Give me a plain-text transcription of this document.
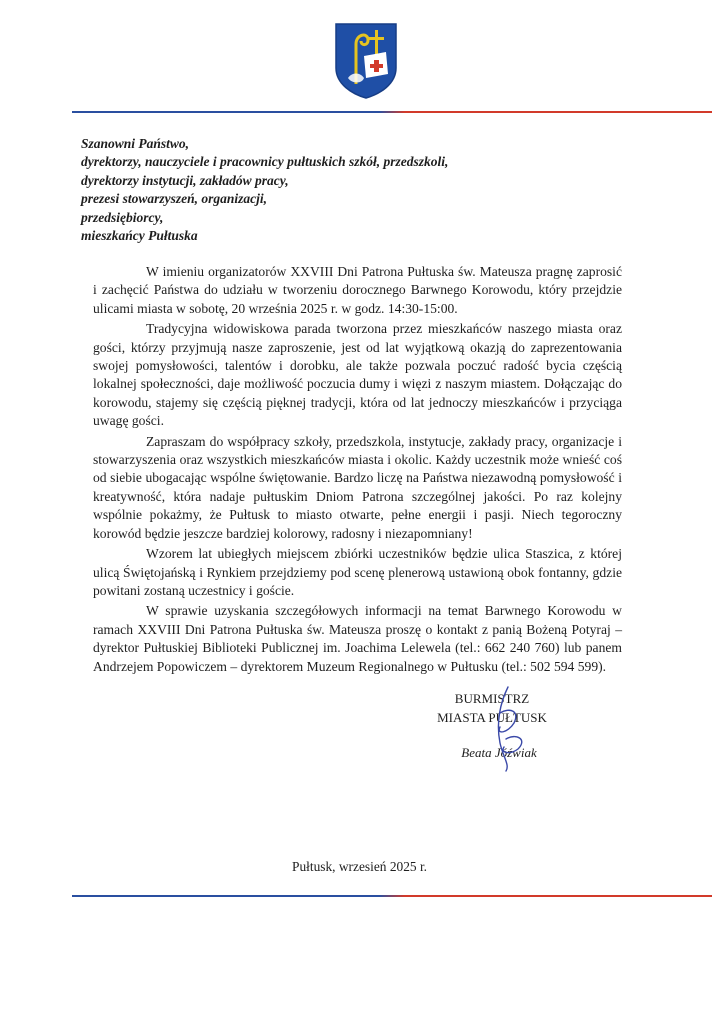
Szanowni Państwo,
dyrektorzy, nauczyciele i pracownicy pułtuskich szkół, przedszkoli,
dyrektorzy instytucji, zakładów pracy,
prezesi stowarzyszeń, organizacji,
przedsiębiorcy,
mieszkańcy Pułtuska

W imieniu organizatorów XXVIII Dni Patrona Pułtuska św. Mateusza pragnę zaprosić i zachęcić Państwa do udziału w tworzeniu dorocznego Barwnego Korowodu, który przejdzie ulicami miasta w sobotę, 20 września 2025 r. w godz. 14:30-15:00.

Tradycyjna widowiskowa parada tworzona przez mieszkańców naszego miasta oraz gości, którzy przyjmują nasze zaproszenie, jest od lat wyjątkową okazją do zaprezentowania swojej pomysłowości, talentów i dorobku, ale także pozwala poczuć radość bycia częścią lokalnej społeczności, daje możliwość poczucia dumy i więzi z naszym miastem. Dołączając do korowodu, stajemy się częścią pięknej tradycji, która od lat jednoczy mieszkańców i przyciąga uwagę gości.

Zapraszam do współpracy szkoły, przedszkola, instytucje, zakłady pracy, organizacje i stowarzyszenia oraz wszystkich mieszkańców miasta i okolic. Każdy uczestnik może wnieść coś od siebie ubogacając wspólne świętowanie. Bardzo liczę na Państwa niezawodną pomysłowość i kreatywność, która nadaje pułtuskim Dniom Patrona szczególnej jakości. Po raz kolejny wspólnie pokażmy, że Pułtusk to miasto otwarte, pełne energii i pasji. Niech tegoroczny korowód będzie jeszcze bardziej kolorowy, radosny i niezapomniany!

Wzorem lat ubiegłych miejscem zbiórki uczestników będzie ulica Staszica, z której ulicą Świętojańską i Rynkiem przejdziemy pod scenę plenerową ustawioną obok fontanny, gdzie powitani zostaną uczestnicy i goście.

W sprawie uzyskania szczegółowych informacji na temat Barwnego Korowodu w ramach XXVIII Dni Patrona Pułtuska św. Mateusza proszę o kontakt z panią Bożeną Potyraj – dyrektor Pułtuskiej Biblioteki Publicznej im. Joachima Lelewela (tel.: 662 240 760) lub panem Andrzejem Popowiczem – dyrektorem Muzeum Regionalnego w Pułtusku (tel.: 502 594 599).

BURMISTRZ
MIASTA PUŁTUSK
Beata Jóźwiak
Pułtusk, wrzesień 2025 r.
